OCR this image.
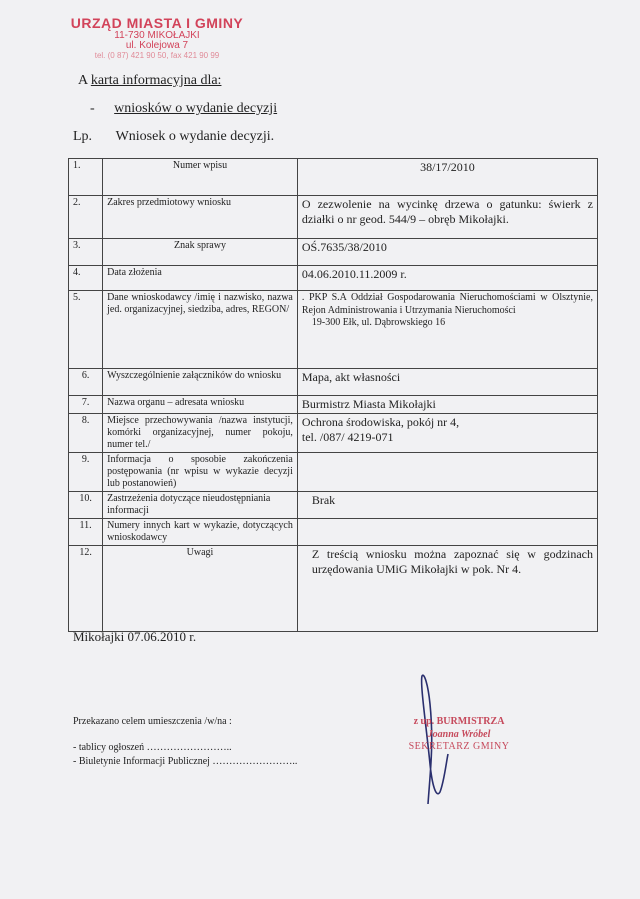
URZĄD MIASTA I GMINY
11-730 MIKOŁAJKI
ul. Kolejowa 7
tel. (0 87) 421 90 50, fax 421 90 99
A karta informacyjna dla:
- wniosków o wydanie decyzji
Lp. Wniosek o wydanie decyzji.
1.	Numer wpisu	38/17/2010
2.	Zakres przedmiotowy wniosku	O zezwolenie na wycinkę drzewa o gatunku: świerk z działki o nr geod. 544/9 – obręb Mikołajki.
3.	Znak sprawy	OŚ.7635/38/2010
4.	Data złożenia	04.06.2010.11.2009 r.
5.	Dane wnioskodawcy /imię i nazwisko, nazwa jed. organizacyjnej, siedziba, adres, REGON/	. PKP S.A Oddział Gospodarowania Nieruchomościami w Olsztynie, Rejon Administrowania i Utrzymania Nieruchomości
19-300 Ełk, ul. Dąbrowskiego 16

6.	Wyszczególnienie załączników do wniosku	Mapa, akt własności
7.	Nazwa organu – adresata wniosku	Burmistrz Miasta Mikołajki
8.	Miejsce przechowywania /nazwa instytucji, komórki organizacyjnej, numer pokoju, numer tel./	Ochrona środowiska, pokój nr 4,
tel. /087/ 4219-071

9.	Informacja o sposobie zakończenia postępowania (nr wpisu w wykazie decyzji lub postanowień)	
10.	Zastrzeżenia dotyczące nieudostępniania informacji	Brak
11.	Numery innych kart w wykazie, dotyczących wnioskodawcy	
12.	Uwagi	Z treścią wniosku można zapoznać się w godzinach urzędowania UMiG Mikołajki w pok. Nr 4.
Mikołajki 07.06.2010 r.
Przekazano celem umieszczenia /w/na :
- tablicy ogłoszeń ……………………..
- Biuletynie Informacji Publicznej ……………………..
z up. BURMISTRZA
Joanna Wróbel
SEKRETARZ GMINY
